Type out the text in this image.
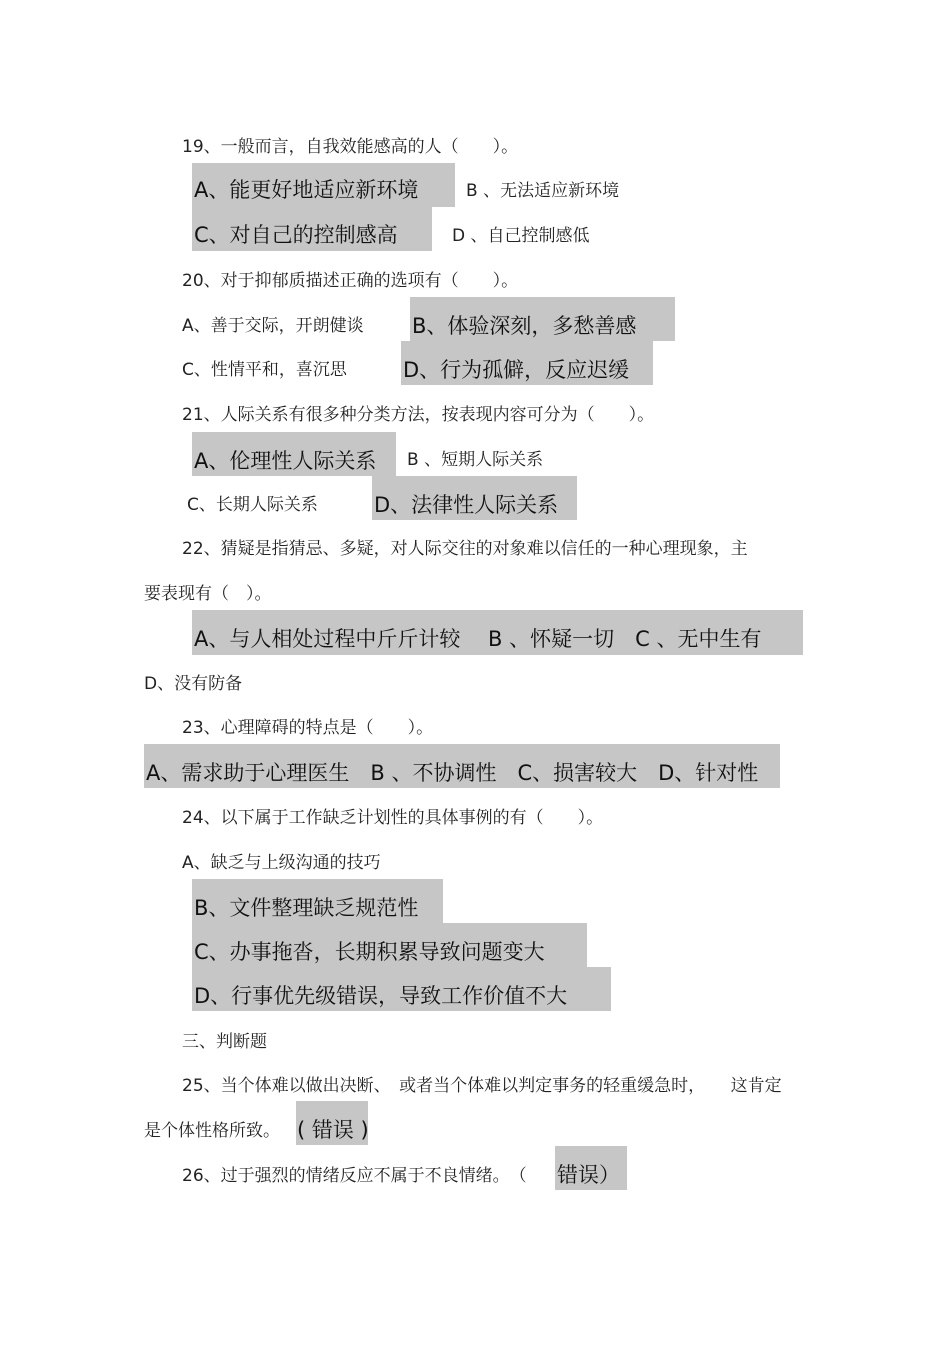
19、一般而言，自我效能感高的人（　　）。
A、能更好地适应新环境	B 、无法适应新环境
C、对自己的控制感高	D 、自己控制感低
20、对于抑郁质描述正确的选项有（　　）。
A、善于交际，开朗健谈 B、体验深刻，多愁善感
C、性情平和，喜沉思	D、行为孤僻，反应迟缓
21、人际关系有很多种分类方法，按表现内容可分为（　　）。
A、伦理性人际关系 B 、短期人际关系
C、长期人际关系	D、法律性人际关系
22、猜疑是指猜忌、多疑，对人际交往的对象难以信任的一种心理现象，主
要表现有（　）。
A、与人相处过程中斤斤计较　 B 、怀疑一切　C 、无中生有
D、没有防备
23、心理障碍的特点是（　　）。
A、需求助于心理医生　B 、不协调性　C、损害较大　D、针对性
24、以下属于工作缺乏计划性的具体事例的有（　　）。
A、缺乏与上级沟通的技巧
B、文件整理缺乏规范性
C、办事拖沓，长期积累导致问题变大
D、行事优先级错误，导致工作价值不大
三、判断题
25、当个体难以做出决断、　或者当个体难以判定事务的轻重缓急时，　　这肯定
是个体性格所致。 ( 错误 )
26、过于强烈的情绪反应不属于不良情绪。　（ 错误）
